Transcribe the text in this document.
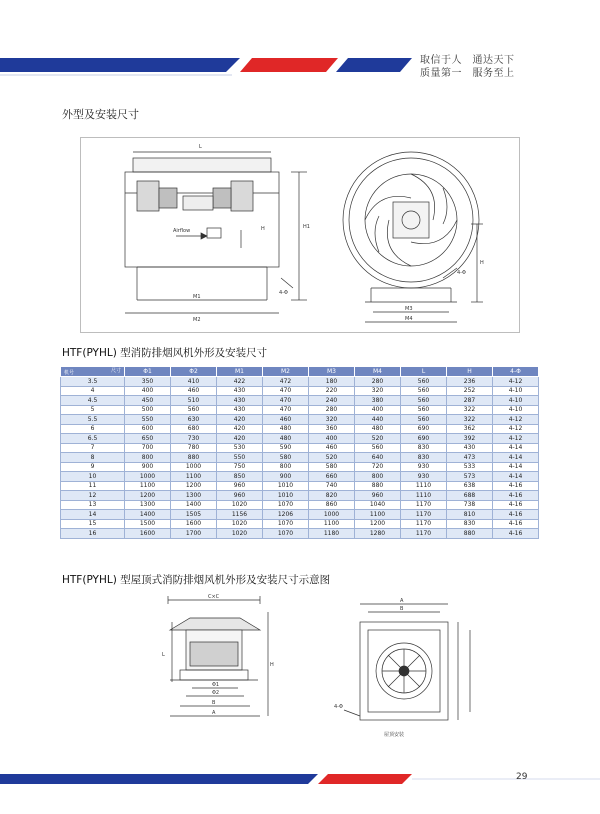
取信于人　通达天下
质量第一　服务至上
外型及安装尺寸
L
M1
M2
H1
H
4-Φ
Airflow
H
M3
M4
4-Φ
HTF(PYHL) 型消防排烟风机外形及安装尺寸
尺寸
机号	Φ1	Φ2	M1	M2	M3	M4	L	H	4-Φ
3.5	350	410	422	472	180	280	560	236	4-12
4	400	460	430	470	220	320	560	252	4-10
4.5	450	510	430	470	240	380	560	287	4-10
5	500	560	430	470	280	400	560	322	4-10
5.5	550	630	420	460	320	440	560	322	4-12
6	600	680	420	480	360	480	690	362	4-12
6.5	650	730	420	480	400	520	690	392	4-12
7	700	780	530	590	460	560	830	430	4-14
8	800	880	550	580	520	640	830	473	4-14
9	900	1000	750	800	580	720	930	533	4-14
10	1000	1100	850	900	660	800	930	573	4-14
11	1100	1200	960	1010	740	880	1110	638	4-16
12	1200	1300	960	1010	820	960	1110	688	4-16
13	1300	1400	1020	1070	860	1040	1170	738	4-16
14	1400	1505	1156	1206	1000	1100	1170	810	4-16
15	1500	1600	1020	1070	1100	1200	1170	830	4-16
16	1600	1700	1020	1070	1180	1280	1170	880	4-16
HTF(PYHL) 型屋顶式消防排烟风机外形及安装尺寸示意图
C×C
L
H
Φ1
Φ2
B
A
A
B
4-Φ
屋顶安装
29
